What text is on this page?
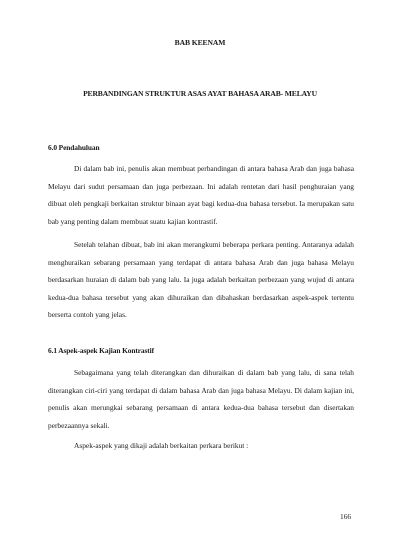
BAB KEENAM
PERBANDINGAN STRUKTUR ASAS AYAT BAHASA ARAB- MELAYU
6.0 Pendahuluan

Di dalam bab ini, penulis akan membuat perbandingan di antara bahasa Arab dan juga bahasa Melayu dari sudut persamaan dan juga perbezaan. Ini adalah rentetan dari hasil penghuraian yang dibuat oleh pengkaji berkaitan struktur binaan ayat bagi kedua-dua bahasa tersebut. Ia merupakan satu bab yang penting dalam membuat suatu kajian kontrastif.

Setelah telahan dibuat, bab ini akan merangkumi beberapa perkara penting. Antaranya adalah menghuraikan sebarang persamaan yang terdapat di antara bahasa Arab dan juga bahasa Melayu berdasarkan huraian di dalam bab yang lalu. Ia juga adalah berkaitan perbezaan yang wujud di antara kedua-dua bahasa tersebut yang akan dihuraikan dan dibahaskan berdasarkan aspek-aspek tertentu berserta contoh yang jelas.

6.1 Aspek-aspek Kajian Kontrastif

Sebagaimana yang telah diterangkan dan dihuraikan di dalam bab yang lalu, di sana telah diterangkan ciri-ciri yang terdapat di dalam bahasa Arab dan juga bahasa Melayu. Di dalam kajian ini, penulis akan merungkai sebarang persamaan di antara kedua-dua bahasa tersebut dan disertakan perbezaannya sekali.

Aspek-aspek yang dikaji adalah berkaitan perkara berikut :

166
